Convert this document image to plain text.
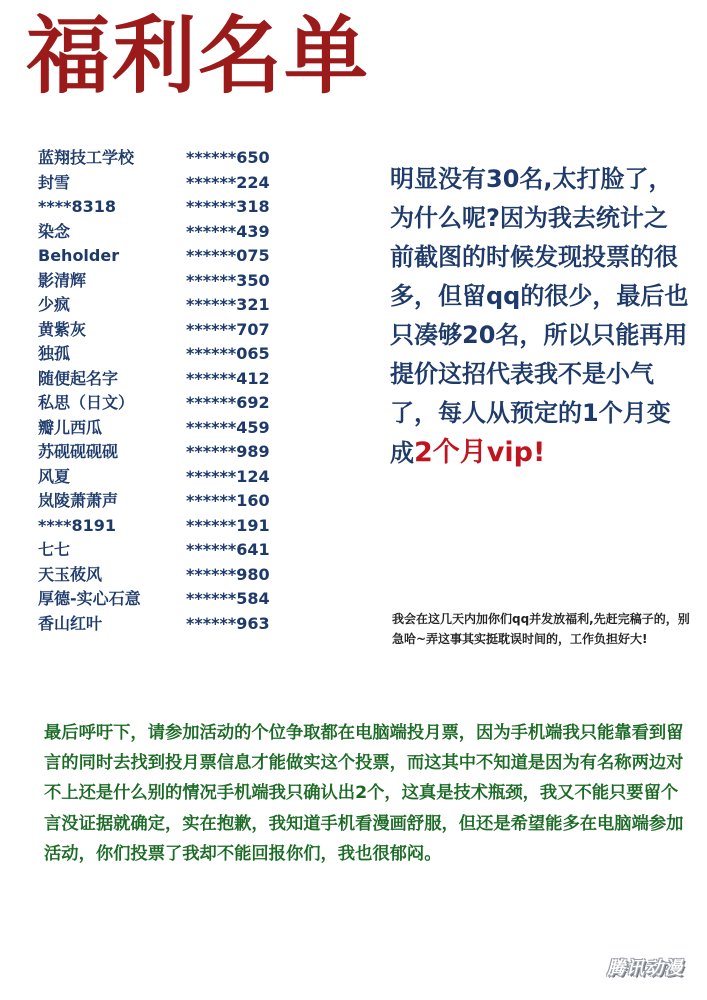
福利名单
蓝翔技工学校	******650
封雪	******224
****8318	******318
染念	******439
Beholder	******075
影清辉	******350
少疯	******321
黄紫灰	******707
独孤	******065
随便起名字	******412
私思（日文）	******692
瓣儿西瓜	******459
苏砚砚砚砚	******989
风夏	******124
岚陵萧萧声	******160
****8191	******191
七七	******641
天玉莜风	******980
厚德-实心石意	******584
香山红叶	******963

明显没有30名,太打脸了，为什么呢?因为我去统计之前截图的时候发现投票的很多，但留qq的很少，最后也只凑够20名，所以只能再用提价这招代表我不是小气了，每人从预定的1个月变成2个月vip!

我会在这几天内加你们qq并发放福利,先赶完稿子的，别急哈~弄这事其实挺耽误时间的，工作负担好大!

最后呼吁下，请参加活动的个位争取都在电脑端投月票，因为手机端我只能靠看到留言的同时去找到投月票信息才能做实这个投票，而这其中不知道是因为有名称两边对不上还是什么别的情况手机端我只确认出2个，这真是技术瓶颈，我又不能只要留个言没证据就确定，实在抱歉，我知道手机看漫画舒服，但还是希望能多在电脑端参加活动，你们投票了我却不能回报你们，我也很郁闷。

腾讯动漫
